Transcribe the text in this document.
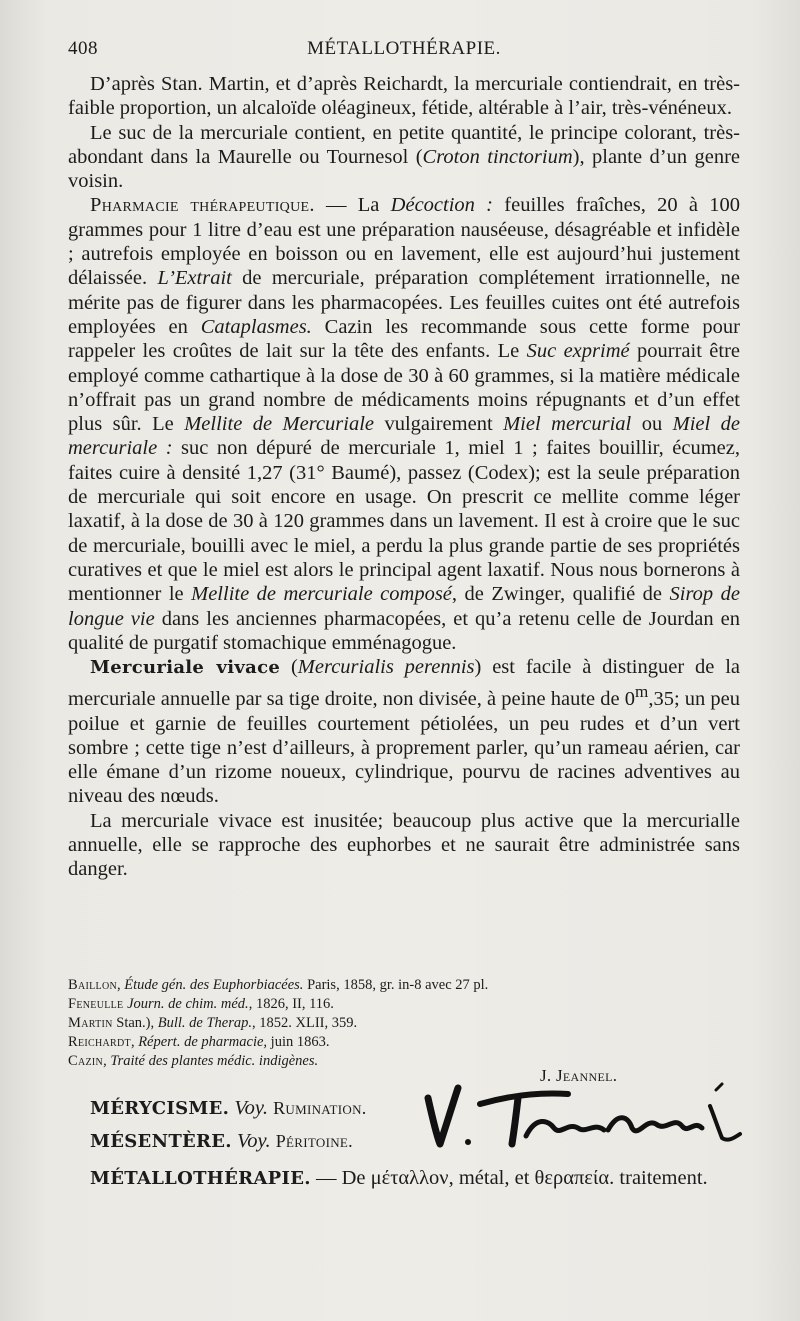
408	MÉTALLOTHÉRAPIE.

D’après Stan. Martin, et d’après Reichardt, la mercuriale contiendrait, en très-faible proportion, un alcaloïde oléagineux, fétide, altérable à l’air, très-vénéneux.

Le suc de la mercuriale contient, en petite quantité, le principe colorant, très-abondant dans la Maurelle ou Tournesol (Croton tinctorium), plante d’un genre voisin.

Pharmacie thérapeutique. — La Décoction : feuilles fraîches, 20 à 100 grammes pour 1 litre d’eau est une préparation nauséeuse, désagréable et infidèle ; autrefois employée en boisson ou en lavement, elle est aujourd’hui justement délaissée. L’Extrait de mercuriale, préparation complétement irrationnelle, ne mérite pas de figurer dans les pharmacopées. Les feuilles cuites ont été autrefois employées en Cataplasmes. Cazin les recommande sous cette forme pour rappeler les croûtes de lait sur la tête des enfants. Le Suc exprimé pourrait être employé comme cathartique à la dose de 30 à 60 grammes, si la matière médicale n’offrait pas un grand nombre de médicaments moins répugnants et d’un effet plus sûr. Le Mellite de Mercuriale vulgairement Miel mercurial ou Miel de mercuriale : suc non dépuré de mercuriale 1, miel 1 ; faites bouillir, écumez, faites cuire à densité 1,27 (31° Baumé), passez (Codex); est la seule préparation de mercuriale qui soit encore en usage. On prescrit ce mellite comme léger laxatif, à la dose de 30 à 120 grammes dans un lavement. Il est à croire que le suc de mercuriale, bouilli avec le miel, a perdu la plus grande partie de ses propriétés curatives et que le miel est alors le principal agent laxatif. Nous nous bornerons à mentionner le Mellite de mercuriale composé, de Zwinger, qualifié de Sirop de longue vie dans les anciennes pharmacopées, et qu’a retenu celle de Jourdan en qualité de purgatif stomachique emménagogue.

Mercuriale vivace (Mercurialis perennis) est facile à distinguer de la mercuriale annuelle par sa tige droite, non divisée, à peine haute de 0$^m$,35; un peu poilue et garnie de feuilles courtement pétiolées, un peu rudes et d’un vert sombre ; cette tige n’est d’ailleurs, à proprement parler, qu’un rameau aérien, car elle émane d’un rizome noueux, cylindrique, pourvu de racines adventives au niveau des nœuds.

La mercuriale vivace est inusitée; beaucoup plus active que la mercurialle annuelle, elle se rapproche des euphorbes et ne saurait être administrée sans danger.

Baillon, Étude gén. des Euphorbiacées. Paris, 1858, gr. in-8 avec 27 pl.
Feneulle Journ. de chim. méd., 1826, II, 116.
Martin Stan.), Bull. de Therap., 1852. XLII, 359.
Reichardt, Répert. de pharmacie, juin 1863.
Cazin, Traité des plantes médic. indigènes.
J. Jeannel.
MÉRYCISME. Voy. Rumination.
MÉSENTÈRE. Voy. Péritoine.
MÉTALLOTHÉRAPIE. — De μέταλλον, métal, et θεραπεία. traitement.
